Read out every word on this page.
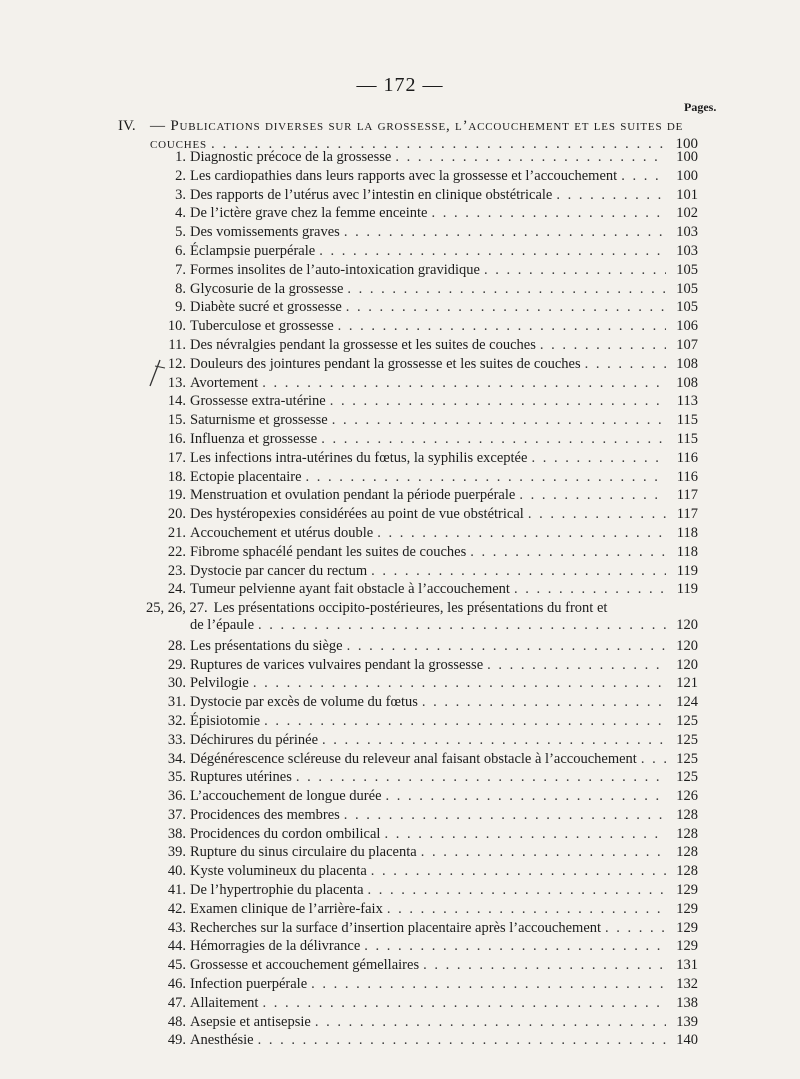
— 172 —
Pages.
IV. — Publications diverses sur la grossesse, l’accouchement et les suites de
couches . . .	100
1. Diagnostic précoce de la grossesse . . .	100
2. Les cardiopathies dans leurs rapports avec la grossesse et l’accouchement . . .	100
3. Des rapports de l’utérus avec l’intestin en clinique obstétricale . . .	101
4. De l’ictère grave chez la femme enceinte . . .	102
5. Des vomissements graves . . .	103
6. Éclampsie puerpérale . . .	103
7. Formes insolites de l’auto-intoxication gravidique . . .	105
8. Glycosurie de la grossesse . . .	105
9. Diabète sucré et grossesse . . .	105
10. Tuberculose et grossesse . . .	106
11. Des névralgies pendant la grossesse et les suites de couches . . .	107
12. Douleurs des jointures pendant la grossesse et les suites de couches . . .	108
13. Avortement . . .	108
14. Grossesse extra-utérine . . .	113
15. Saturnisme et grossesse . . .	115
16. Influenza et grossesse . . .	115
17. Les infections intra-utérines du fœtus, la syphilis exceptée . . .	116
18. Ectopie placentaire . . .	116
19. Menstruation et ovulation pendant la période puerpérale . . .	117
20. Des hystéropexies considérées au point de vue obstétrical . . .	117
21. Accouchement et utérus double . . .	118
22. Fibrome sphacélé pendant les suites de couches . . .	118
23. Dystocie par cancer du rectum . . .	119
24. Tumeur pelvienne ayant fait obstacle à l’accouchement . . .	119
25, 26, 27. Les présentations occipito-postérieures, les présentations du front et
de l’épaule . . .	120
28. Les présentations du siège . . .	120
29. Ruptures de varices vulvaires pendant la grossesse . . .	120
30. Pelvilogie . . .	121
31. Dystocie par excès de volume du fœtus . . .	124
32. Épisiotomie . . .	125
33. Déchirures du périnée . . .	125
34. Dégénérescence scléreuse du releveur anal faisant obstacle à l’accouchement . . .	125
35. Ruptures utérines . . .	125
36. L’accouchement de longue durée . . .	126
37. Procidences des membres . . .	128
38. Procidences du cordon ombilical . . .	128
39. Rupture du sinus circulaire du placenta . . .	128
40. Kyste volumineux du placenta . . .	128
41. De l’hypertrophie du placenta . . .	129
42. Examen clinique de l’arrière-faix . . .	129
43. Recherches sur la surface d’insertion placentaire après l’accouchement . . .	129
44. Hémorragies de la délivrance . . .	129
45. Grossesse et accouchement gémellaires . . .	131
46. Infection puerpérale . . .	132
47. Allaitement . . .	138
48. Asepsie et antisepsie . . .	139
49. Anesthésie . . .	140
